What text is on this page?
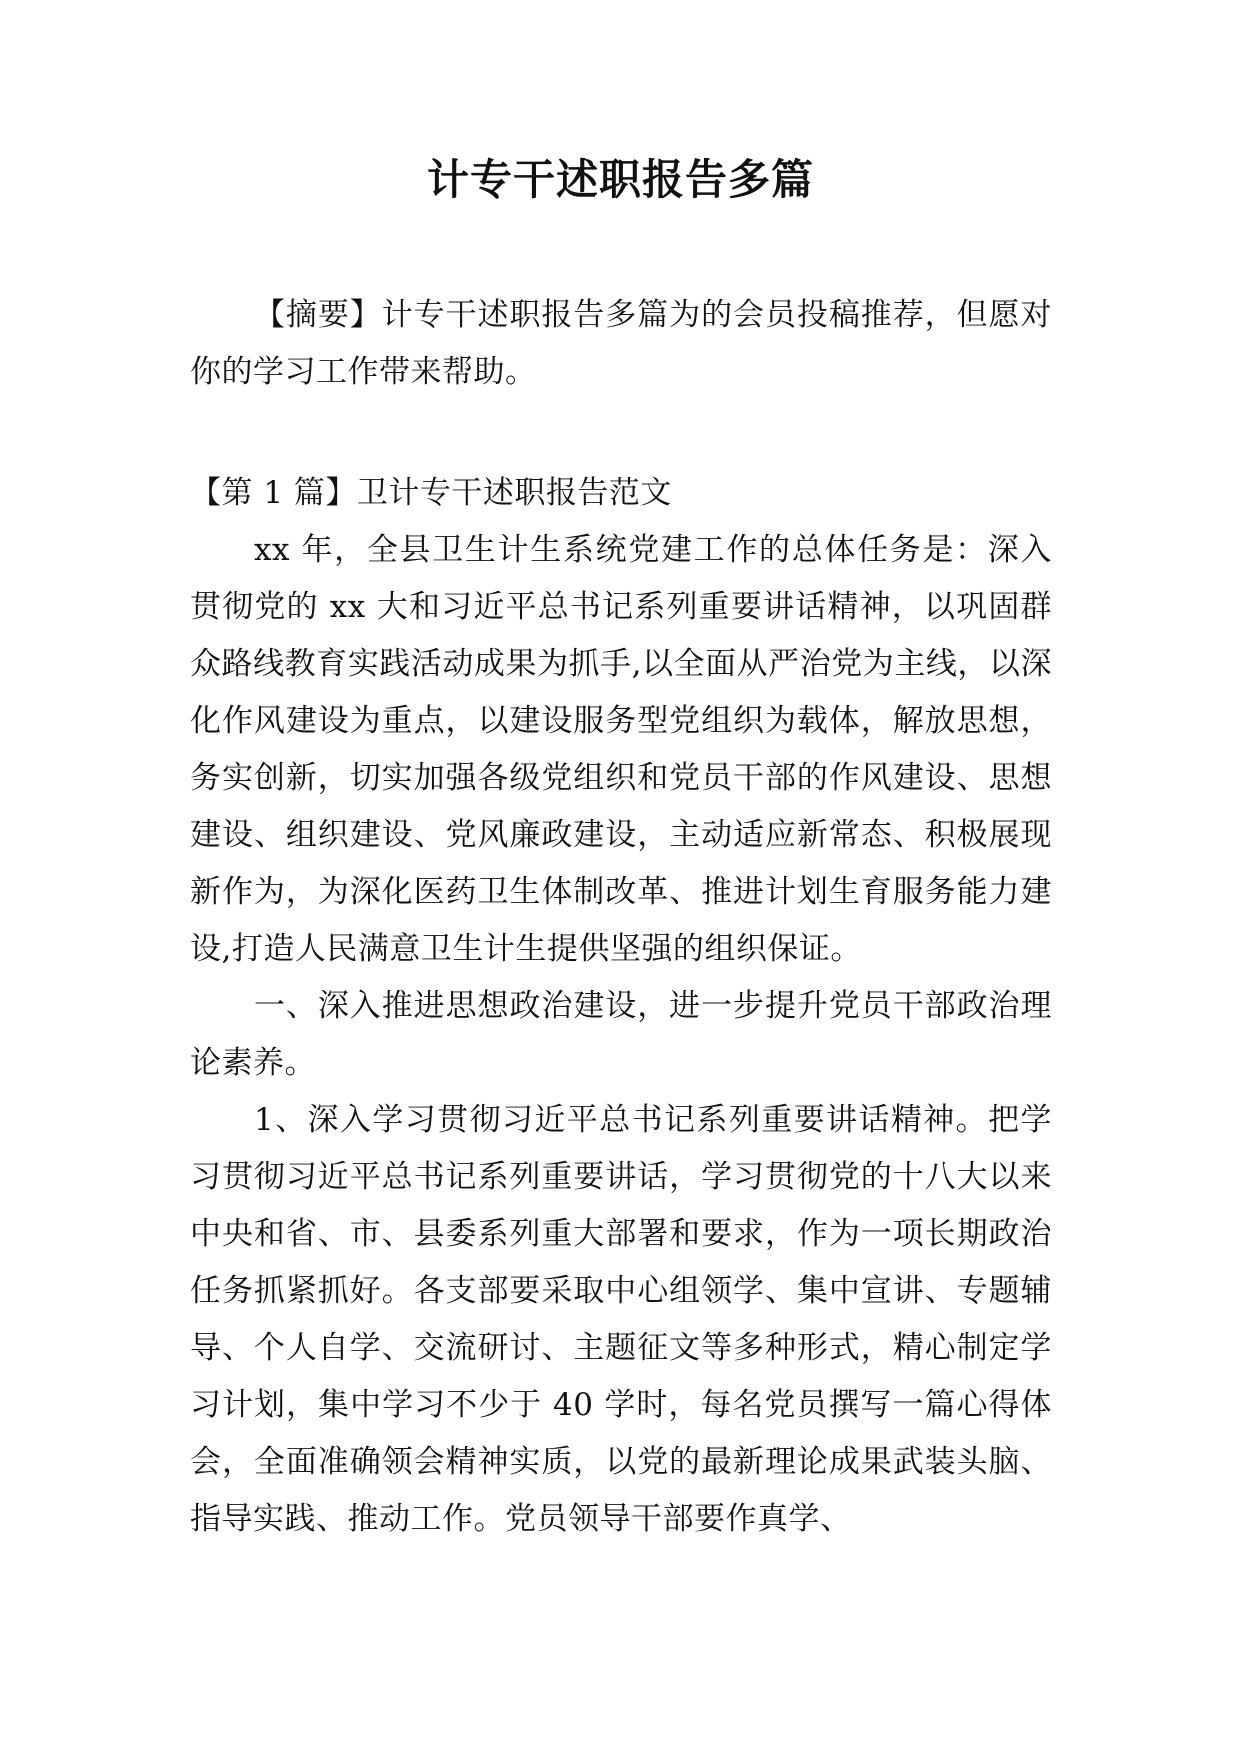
计专干述职报告多篇

【摘要】计专干述职报告多篇为的会员投稿推荐，但愿对你的学习工作带来帮助。

【第 1 篇】卫计专干述职报告范文

xx 年，全县卫生计生系统党建工作的总体任务是：深入贯彻党的 xx 大和习近平总书记系列重要讲话精神，以巩固群众路线教育实践活动成果为抓手,以全面从严治党为主线，以深化作风建设为重点，以建设服务型党组织为载体，解放思想，务实创新，切实加强各级党组织和党员干部的作风建设、思想建设、组织建设、党风廉政建设，主动适应新常态、积极展现新作为，为深化医药卫生体制改革、推进计划生育服务能力建设,打造人民满意卫生计生提供坚强的组织保证。

一、深入推进思想政治建设，进一步提升党员干部政治理论素养。

1、深入学习贯彻习近平总书记系列重要讲话精神。把学习贯彻习近平总书记系列重要讲话，学习贯彻党的十八大以来中央和省、市、县委系列重大部署和要求，作为一项长期政治任务抓紧抓好。各支部要采取中心组领学、集中宣讲、专题辅导、个人自学、交流研讨、主题征文等多种形式，精心制定学习计划，集中学习不少于 40 学时，每名党员撰写一篇心得体会，全面准确领会精神实质，以党的最新理论成果武装头脑、指导实践、推动工作。党员领导干部要作真学、
